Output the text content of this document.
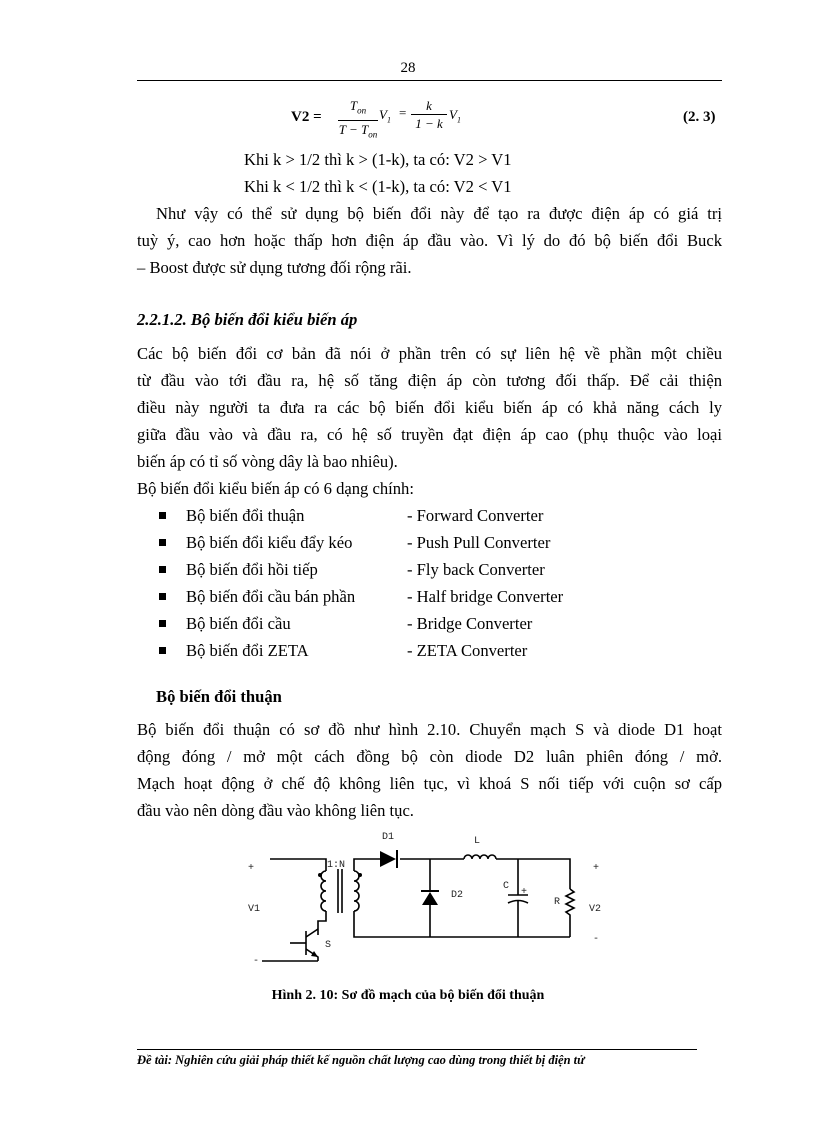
28
V2 =
$T_{on}$
$T - T_{on}$
$V_1$
=	k
1 − k
$V_1$	(2. 3)
Khi k > 1/2 thì k > (1-k), ta có: V2 > V1
Khi k < 1/2 thì k < (1-k), ta có: V2 < V1

Như vậy có thể sử dụng bộ biến đổi này để tạo ra được điện áp có giá trị

tuỳ ý, cao hơn hoặc thấp hơn điện áp đầu vào. Vì lý do đó bộ biến đổi Buck

– Boost được sử dụng tương đối rộng rãi.

2.2.1.2. Bộ biến đổi kiểu biến áp

Các bộ biến đổi cơ bản đã nói ở phần trên có sự liên hệ về phần một chiều

từ đầu vào tới đầu ra, hệ số tăng điện áp còn tương đối thấp. Để cải thiện

điều này người ta đưa ra các bộ biến đổi kiểu biến áp có khả năng cách ly

giữa đầu vào và đầu ra, có hệ số truyền đạt điện áp cao (phụ thuộc vào loại

biến áp có tỉ số vòng dây là bao nhiêu).

Bộ biến đổi kiểu biến áp có 6 dạng chính:

Bộ biến đổi thuận	- Forward Converter
Bộ biến đổi kiểu đẩy kéo	- Push Pull Converter
Bộ biến đổi hồi tiếp	- Fly back Converter
Bộ biến đổi cầu bán phần	- Half bridge Converter
Bộ biến đổi cầu	- Bridge Converter
Bộ biến đổi ZETA	- ZETA Converter
Bộ biến đổi thuận

Bộ biến đổi thuận có sơ đồ như hình 2.10. Chuyển mạch S và diode D1 hoạt

động đóng / mở một cách đồng bộ còn diode D2 luân phiên đóng / mở.

Mạch hoạt động ở chế độ không liên tục, vì khoá S nối tiếp với cuộn sơ cấp

đầu vào nên dòng đầu vào không liên tục.

D1	L
1:N
D2
C
+
R
V1	V2
S
+
-
+
-
Hình 2. 10: Sơ đồ mạch của bộ biến đổi thuận
Đề tài: Nghiên cứu giải pháp thiết kế nguồn chất lượng cao dùng trong thiết bị điện tử
